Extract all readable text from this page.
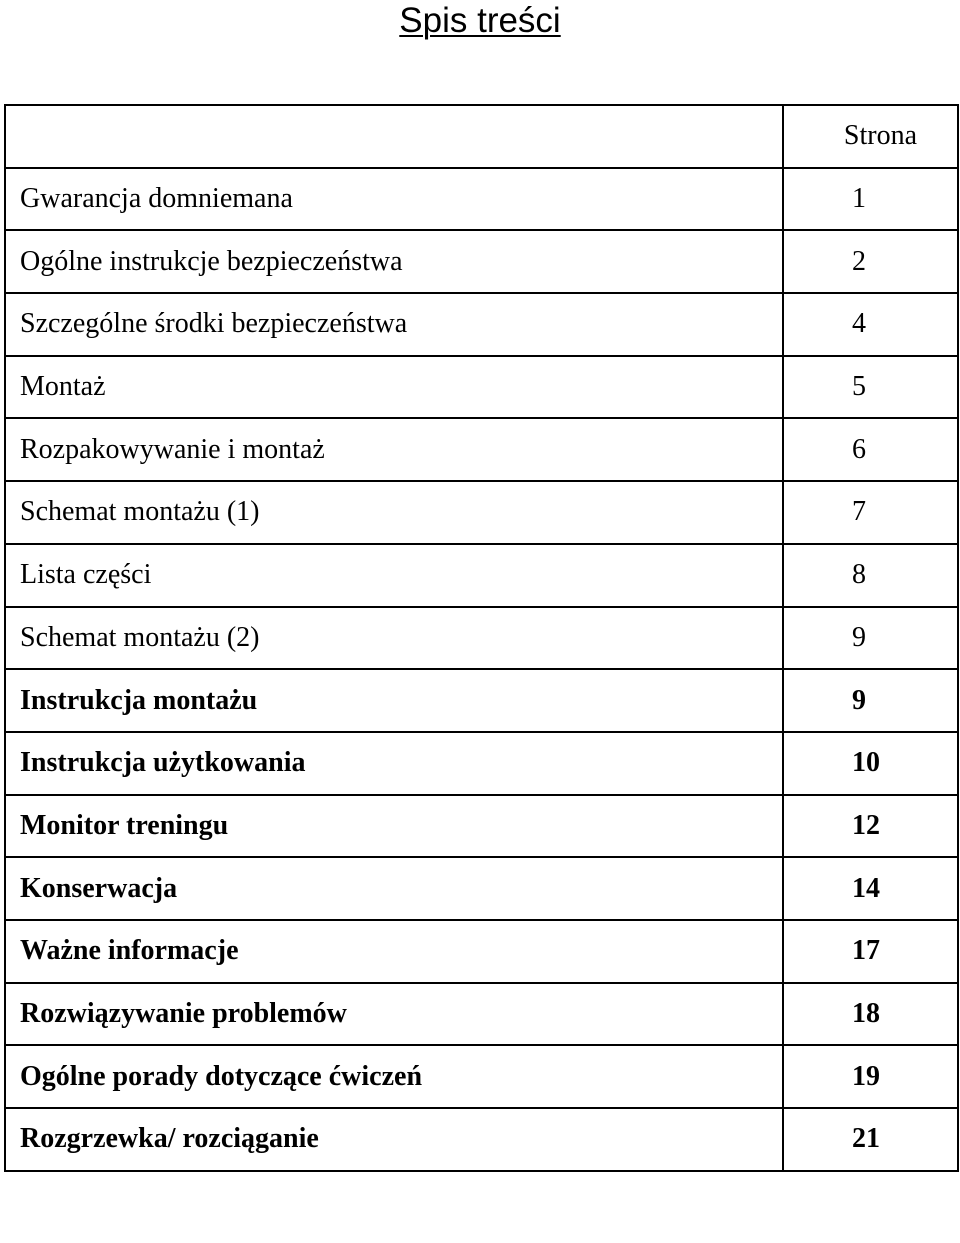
Spis treści
	Strona
Gwarancja domniemana	1
Ogólne instrukcje bezpieczeństwa	2
Szczególne środki bezpieczeństwa	4
Montaż	5
Rozpakowywanie i montaż	6
Schemat montażu (1)	7
Lista części	8
Schemat montażu (2)	9
Instrukcja montażu	9
Instrukcja użytkowania	10
Monitor treningu	12
Konserwacja	14
Ważne informacje	17
Rozwiązywanie problemów	18
Ogólne porady dotyczące ćwiczeń	19
Rozgrzewka/ rozciąganie	21
